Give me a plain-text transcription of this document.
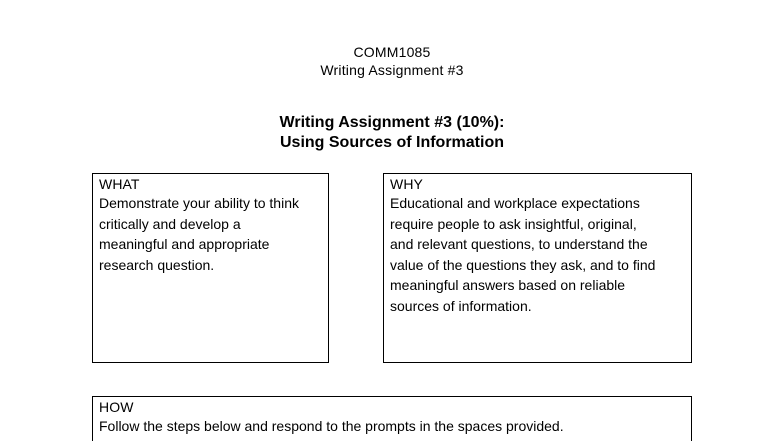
COMM1085
Writing Assignment #3
Writing Assignment #3 (10%):
Using Sources of Information
WHAT
Demonstrate your ability to think
critically and develop a
meaningful and appropriate
research question.
WHY
Educational and workplace expectations
require people to ask insightful, original,
and relevant questions, to understand the
value of the questions they ask, and to find
meaningful answers based on reliable
sources of information.
HOW
Follow the steps below and respond to the prompts in the spaces provided.
